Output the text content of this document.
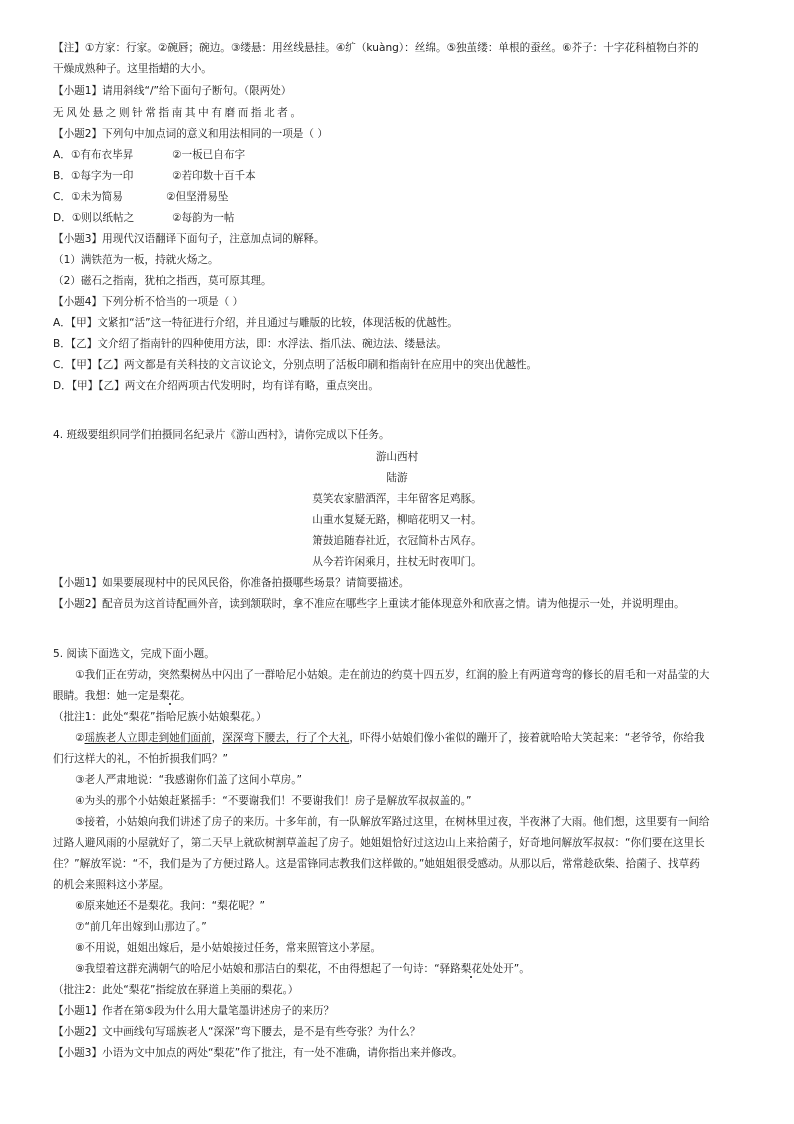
【注】①方家：行家。②碗唇；碗边。③缕悬：用丝线悬挂。④纩（kuàng）：丝绵。⑤独茧缕：单根的蚕丝。⑥芥子：十字花科植物白芥的
干燥成熟种子。这里指蜡的大小。
【小题1】请用斜线“/”给下面句子断句。（限两处）
无风处悬之则针常指南其中有磨而指北者。
【小题2】下列句中加点词的意义和用法相同的一项是（ ）
A．①有布衣毕昇	②一板已自布字
B．①每字为一印	②若印数十百千本
C．①未为简易	②但坚滑易坠
D．①则以纸帖之	②每韵为一帖
【小题3】用现代汉语翻译下面句子，注意加点词的解释。
（1）满铁范为一板，持就火炀之。
（2）磁石之指南，犹柏之指西，莫可原其理。
【小题4】下列分析不恰当的一项是（ ）
A．【甲】文紧扣“活”这一特征进行介绍，并且通过与雕版的比较，体现活板的优越性。
B．【乙】文介绍了指南针的四种使用方法，即：水浮法、指爪法、碗边法、缕悬法。
C．【甲】【乙】两文都是有关科技的文言议论文，分别点明了活板印刷和指南针在应用中的突出优越性。
D．【甲】【乙】两文在介绍两项古代发明时，均有详有略，重点突出。
4. 班级要组织同学们拍摄同名纪录片《游山西村》，请你完成以下任务。
游山西村
陆游
莫笑农家腊酒浑，丰年留客足鸡豚。
山重水复疑无路，柳暗花明又一村。
箫鼓追随春社近，衣冠简朴古风存。
从今若许闲乘月，拄杖无时夜叩门。
【小题1】如果要展现村中的民风民俗，你准备拍摄哪些场景？请简要描述。
【小题2】配音员为这首诗配画外音，读到颔联时，拿不准应在哪些字上重读才能体现意外和欣喜之情。请为他提示一处，并说明理由。
5. 阅读下面选文，完成下面小题。
①我们正在劳动，突然梨树丛中闪出了一群哈尼小姑娘。走在前边的约莫十四五岁，红润的脸上有两道弯弯的修长的眉毛和一对晶莹的大
眼睛。我想：她一定是梨花。
（批注1：此处“梨花”指哈尼族小姑娘梨花。）
②瑶族老人立即走到她们面前，深深弯下腰去，行了个大礼，吓得小姑娘们像小雀似的蹦开了，接着就哈哈大笑起来：“老爷爷，你给我
们行这样大的礼，不怕折损我们吗？”
③老人严肃地说：“我感谢你们盖了这间小草房。”
④为头的那个小姑娘赶紧摇手：“不要谢我们！不要谢我们！房子是解放军叔叔盖的。”
⑤接着，小姑娘向我们讲述了房子的来历。十多年前，有一队解放军路过这里，在树林里过夜，半夜淋了大雨。他们想，这里要有一间给
过路人避风雨的小屋就好了，第二天早上就砍树割草盖起了房子。她姐姐恰好过这边山上来拾菌子，好奇地问解放军叔叔：“你们要在这里长
住？”解放军说：“不，我们是为了方便过路人。这是雷锋同志教我们这样做的。”她姐姐很受感动。从那以后，常常趁砍柴、拾菌子、找草药
的机会来照料这小茅屋。
⑥原来她还不是梨花。我问：“梨花呢？”
⑦“前几年出嫁到山那边了。”
⑧不用说，姐姐出嫁后，是小姑娘接过任务，常来照管这小茅屋。
⑨我望着这群充满朝气的哈尼小姑娘和那洁白的梨花，不由得想起了一句诗：“驿路梨花处处开”。
（批注2：此处“梨花”指绽放在驿道上美丽的梨花。）
【小题1】作者在第⑤段为什么用大量笔墨讲述房子的来历？
【小题2】文中画线句写瑶族老人“深深”弯下腰去，是不是有些夸张？为什么？
【小题3】小语为文中加点的两处“梨花”作了批注，有一处不准确，请你指出来并修改。
